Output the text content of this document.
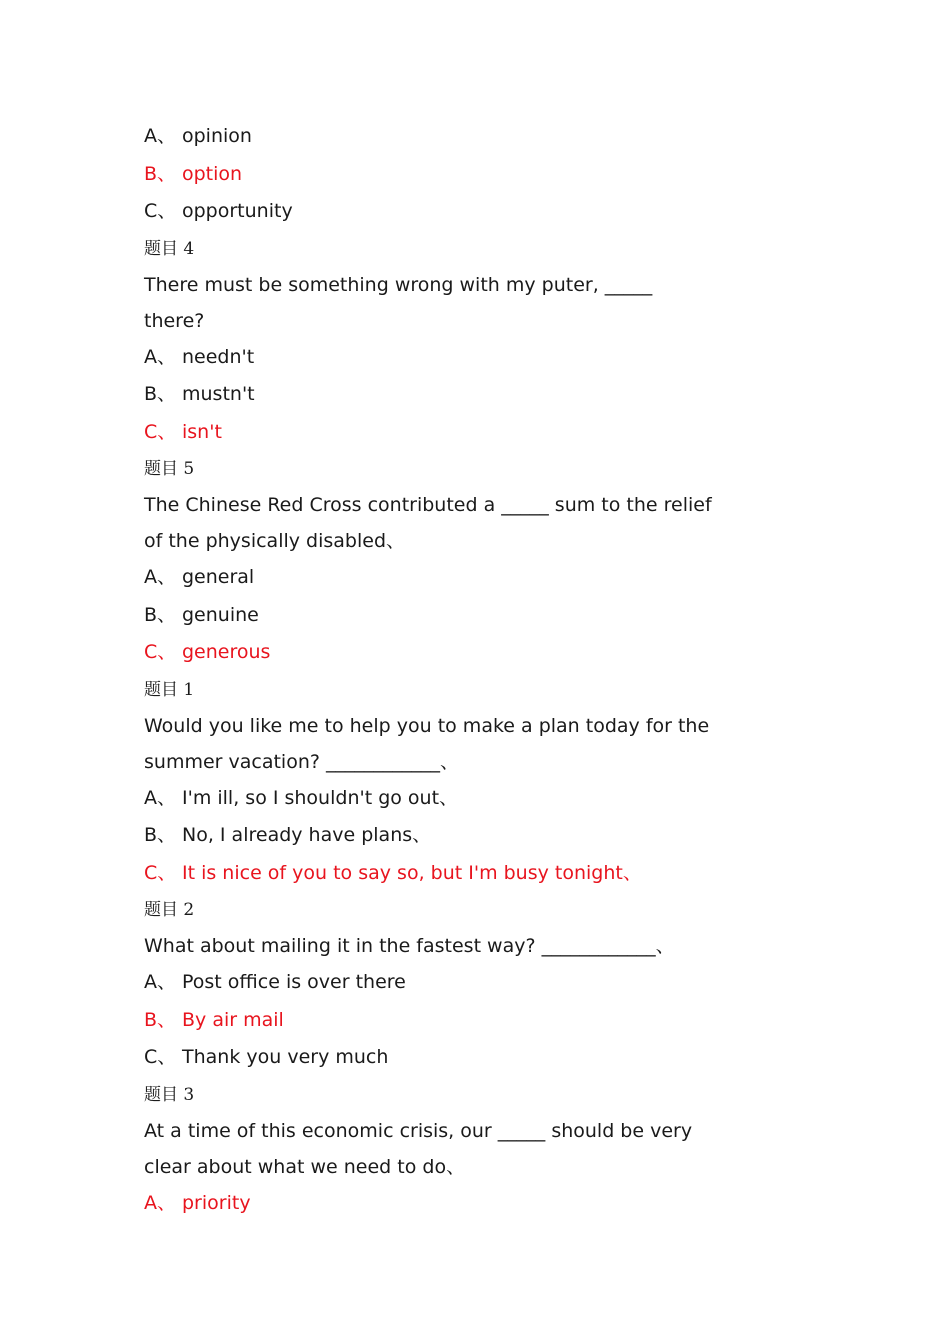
A、 opinion
B、 option
C、 opportunity
题目 4
There must be something wrong with my puter, _____
there?
A、 needn't
B、 mustn't
C、 isn't
题目 5
The Chinese Red Cross contributed a _____ sum to the relief
of the physically disabled、
A、 general
B、 genuine
C、 generous
题目 1
Would you like me to help you to make a plan today for the
summer vacation? ____________、
A、 I'm ill, so I shouldn't go out、
B、 No, I already have plans、
C、 It is nice of you to say so, but I'm busy tonight、
题目 2
What about mailing it in the fastest way? ____________、
A、 Post office is over there
B、 By air mail
C、 Thank you very much
题目 3
At a time of this economic crisis, our _____ should be very
clear about what we need to do、
A、 priority
